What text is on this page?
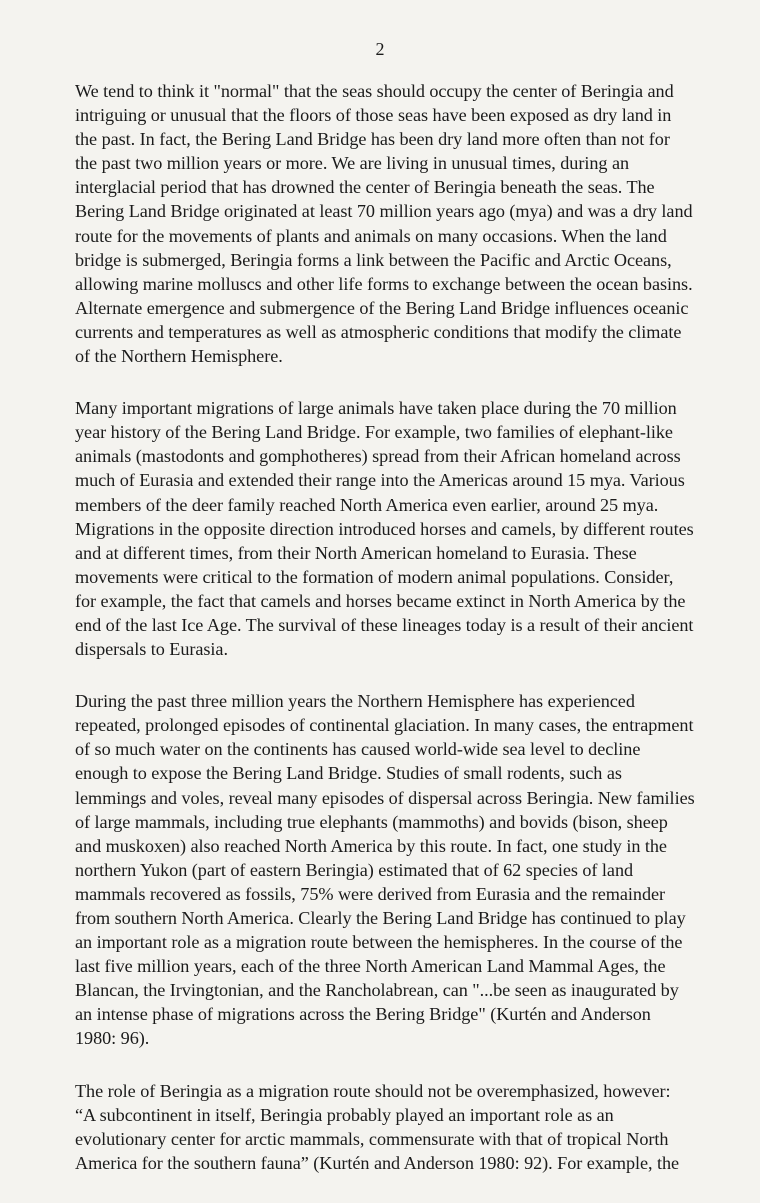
2

We tend to think it "normal" that the seas should occupy the center of Beringia and
intriguing or unusual that the floors of those seas have been exposed as dry land in
the past. In fact, the Bering Land Bridge has been dry land more often than not for
the past two million years or more. We are living in unusual times, during an
interglacial period that has drowned the center of Beringia beneath the seas. The
Bering Land Bridge originated at least 70 million years ago (mya) and was a dry land
route for the movements of plants and animals on many occasions. When the land
bridge is submerged, Beringia forms a link between the Pacific and Arctic Oceans,
allowing marine molluscs and other life forms to exchange between the ocean basins.
Alternate emergence and submergence of the Bering Land Bridge influences oceanic
currents and temperatures as well as atmospheric conditions that modify the climate
of the Northern Hemisphere.

Many important migrations of large animals have taken place during the 70 million
year history of the Bering Land Bridge. For example, two families of elephant-like
animals (mastodonts and gomphotheres) spread from their African homeland across
much of Eurasia and extended their range into the Americas around 15 mya. Various
members of the deer family reached North America even earlier, around 25 mya.
Migrations in the opposite direction introduced horses and camels, by different routes
and at different times, from their North American homeland to Eurasia. These
movements were critical to the formation of modern animal populations. Consider,
for example, the fact that camels and horses became extinct in North America by the
end of the last Ice Age. The survival of these lineages today is a result of their ancient
dispersals to Eurasia.

During the past three million years the Northern Hemisphere has experienced
repeated, prolonged episodes of continental glaciation. In many cases, the entrapment
of so much water on the continents has caused world-wide sea level to decline
enough to expose the Bering Land Bridge. Studies of small rodents, such as
lemmings and voles, reveal many episodes of dispersal across Beringia. New families
of large mammals, including true elephants (mammoths) and bovids (bison, sheep
and muskoxen) also reached North America by this route. In fact, one study in the
northern Yukon (part of eastern Beringia) estimated that of 62 species of land
mammals recovered as fossils, 75% were derived from Eurasia and the remainder
from southern North America. Clearly the Bering Land Bridge has continued to play
an important role as a migration route between the hemispheres. In the course of the
last five million years, each of the three North American Land Mammal Ages, the
Blancan, the Irvingtonian, and the Rancholabrean, can "...be seen as inaugurated by
an intense phase of migrations across the Bering Bridge" (Kurtén and Anderson
1980: 96).

The role of Beringia as a migration route should not be overemphasized, however:
“A subcontinent in itself, Beringia probably played an important role as an
evolutionary center for arctic mammals, commensurate with that of tropical North
America for the southern fauna” (Kurtén and Anderson 1980: 92). For example, the
